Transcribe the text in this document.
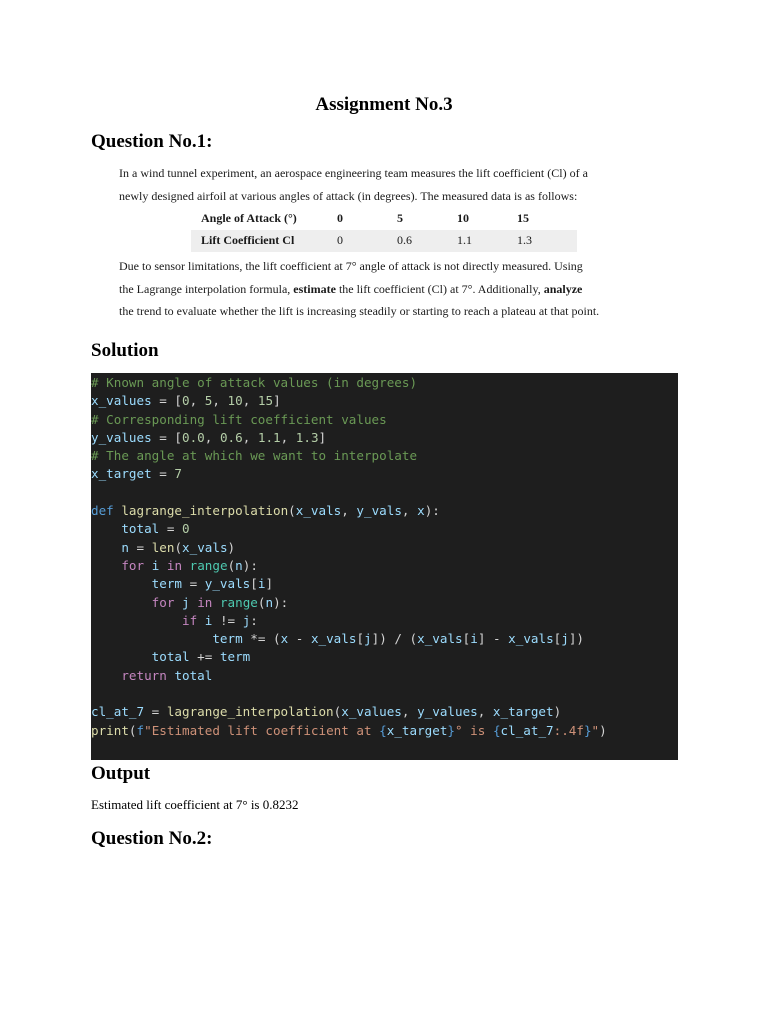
Assignment No.3
Question No.1:
In a wind tunnel experiment, an aerospace engineering team measures the lift coefficient (Cl) of a
newly designed airfoil at various angles of attack (in degrees). The measured data is as follows:
Angle of Attack (°)	0	5	10	15
Lift Coefficient Cl	0	0.6	1.1	1.3
Due to sensor limitations, the lift coefficient at 7° angle of attack is not directly measured. Using
the Lagrange interpolation formula, estimate the lift coefficient (Cl) at 7°. Additionally, analyze
the trend to evaluate whether the lift is increasing steadily or starting to reach a plateau at that point.
Solution
# Known angle of attack values (in degrees)
x_values = [0, 5, 10, 15]
# Corresponding lift coefficient values
y_values = [0.0, 0.6, 1.1, 1.3]
# The angle at which we want to interpolate
x_target = 7
def lagrange_interpolation(x_vals, y_vals, x):
total = 0
n = len(x_vals)
for i in range(n):
term = y_vals[i]
for j in range(n):
if i != j:
term *= (x - x_vals[j]) / (x_vals[i] - x_vals[j])
total += term
return total
cl_at_7 = lagrange_interpolation(x_values, y_values, x_target)
print(f"Estimated lift coefficient at {x_target}° is {cl_at_7:.4f}")
Output
Estimated lift coefficient at 7° is 0.8232
Question No.2:
